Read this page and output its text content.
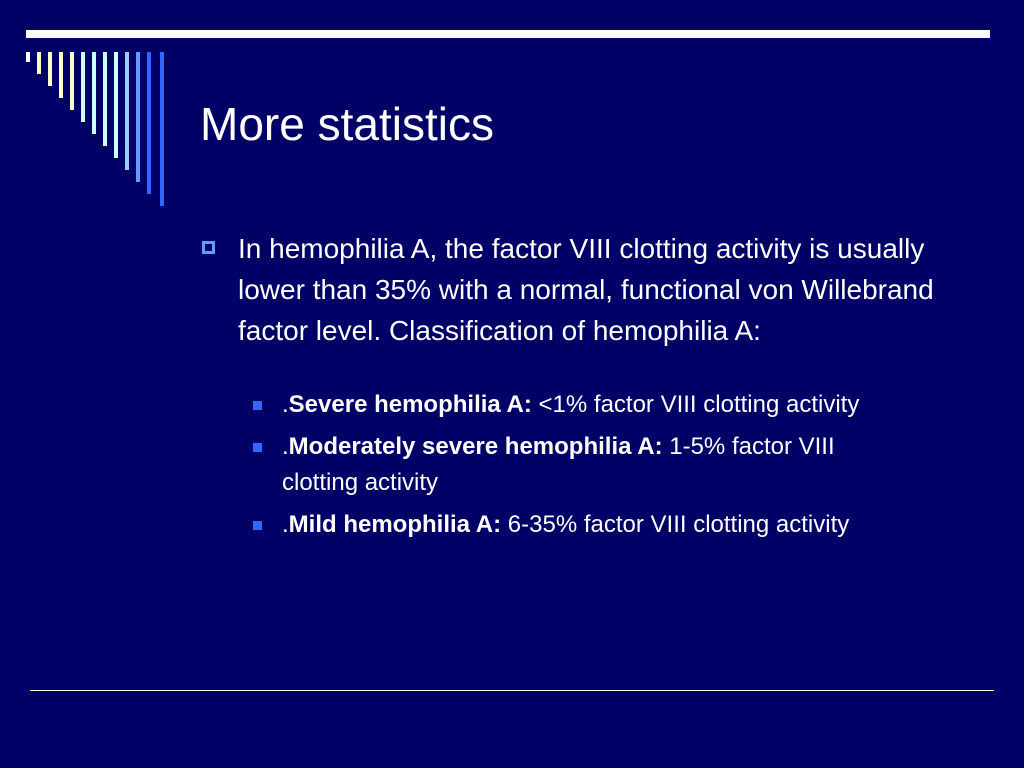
More statistics
In hemophilia A, the factor VIII clotting activity is usually lower than 35% with a normal, functional von Willebrand factor level. Classification of hemophilia A:
.Severe hemophilia A: <1% factor VIII clotting activity
.Moderately severe hemophilia A: 1-5% factor VIII clotting activity
.Mild hemophilia A: 6-35% factor VIII clotting activity
